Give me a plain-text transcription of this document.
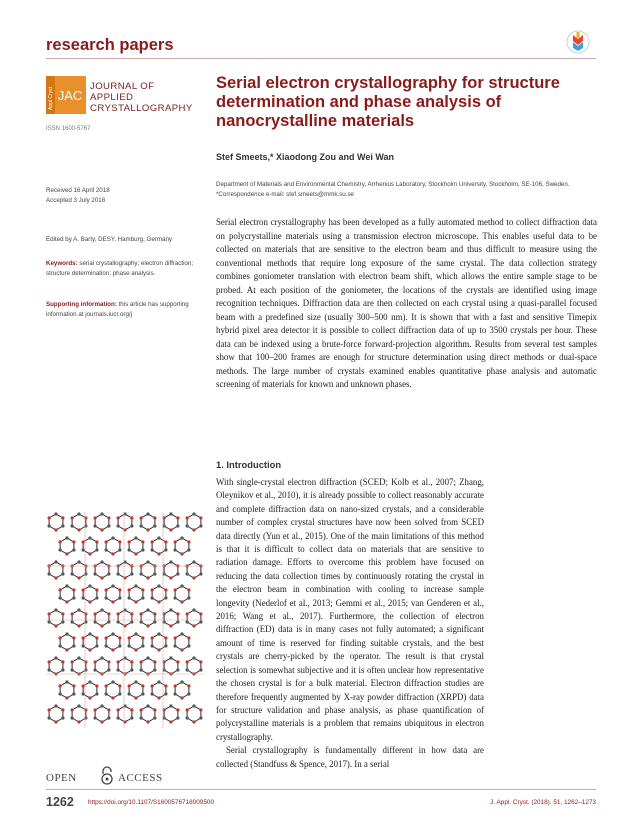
research papers
JAC
Appl Cryst
JOURNAL OF
APPLIED
CRYSTALLOGRAPHY
ISSN 1600-5767
Serial electron crystallography for structure determination and phase analysis of nanocrystalline materials
Stef Smeets,* Xiaodong Zou and Wei Wan
Department of Materials and Environmental Chemistry, Arrhenius Laboratory, Stockholm University, Stockholm, SE-106, Sweden. *Correspondence e-mail: stef.smeets@mmk.su.se
Received 16 April 2018
Accepted 3 July 2018
Edited by A. Barty, DESY, Hamburg, Germany
Keywords: serial crystallography; electron diffraction; structure determination; phase analysis.
Supporting information: this article has supporting information at journals.iucr.org/j
Serial electron crystallography has been developed as a fully automated method to collect diffraction data on polycrystalline materials using a transmission electron microscope. This enables useful data to be collected on materials that are sensitive to the electron beam and thus difficult to measure using the conventional methods that require long exposure of the same crystal. The data collection strategy combines goniometer translation with electron beam shift, which allows the entire sample stage to be probed. At each position of the goniometer, the locations of the crystals are identified using image recognition techniques. Diffraction data are then collected on each crystal using a quasi-parallel focused beam with a predefined size (usually 300–500 nm). It is shown that with a fast and sensitive Timepix hybrid pixel area detector it is possible to collect diffraction data of up to 3500 crystals per hour. These data can be indexed using a brute-force forward-projection algorithm. Results from several test samples show that 100–200 frames are enough for structure determination using direct methods or dual-space methods. The large number of crystals examined enables quantitative phase analysis and automatic screening of materials for known and unknown phases.
1. Introduction

With single-crystal electron diffraction (SCED; Kolb et al., 2007; Zhang, Oleynikov et al., 2010), it is already possible to collect reasonably accurate and complete diffraction data on nano-sized crystals, and a considerable number of complex crystal structures have now been solved from SCED data directly (Yun et al., 2015). One of the main limitations of this method is that it is difficult to collect data on materials that are sensitive to radiation damage. Efforts to overcome this problem have focused on reducing the data collection times by continuously rotating the crystal in the electron beam in combination with cooling to increase sample longevity (Nederlof et al., 2013; Gemmi et al., 2015; van Genderen et al., 2016; Wang et al., 2017). Furthermore, the collection of electron diffraction (ED) data is in many cases not fully automated; a significant amount of time is reserved for finding suitable crystals, and the best crystals are cherry-picked by the operator. The result is that crystal selection is somewhat subjective and it is often unclear how representative the chosen crystal is for a bulk material. Electron diffraction studies are therefore frequently augmented by X-ray powder diffraction (XRPD) data for structure validation and phase analysis, as phase quantification of polycrystalline materials is a problem that remains ubiquitous in electron crystallography.

Serial crystallography is fundamentally different in how data are collected (Standfuss & Spence, 2017). In a serial

OPEN	ACCESS
1262 https://doi.org/10.1107/S1600576718009500	J. Appl. Cryst. (2018). 51, 1262–1273
